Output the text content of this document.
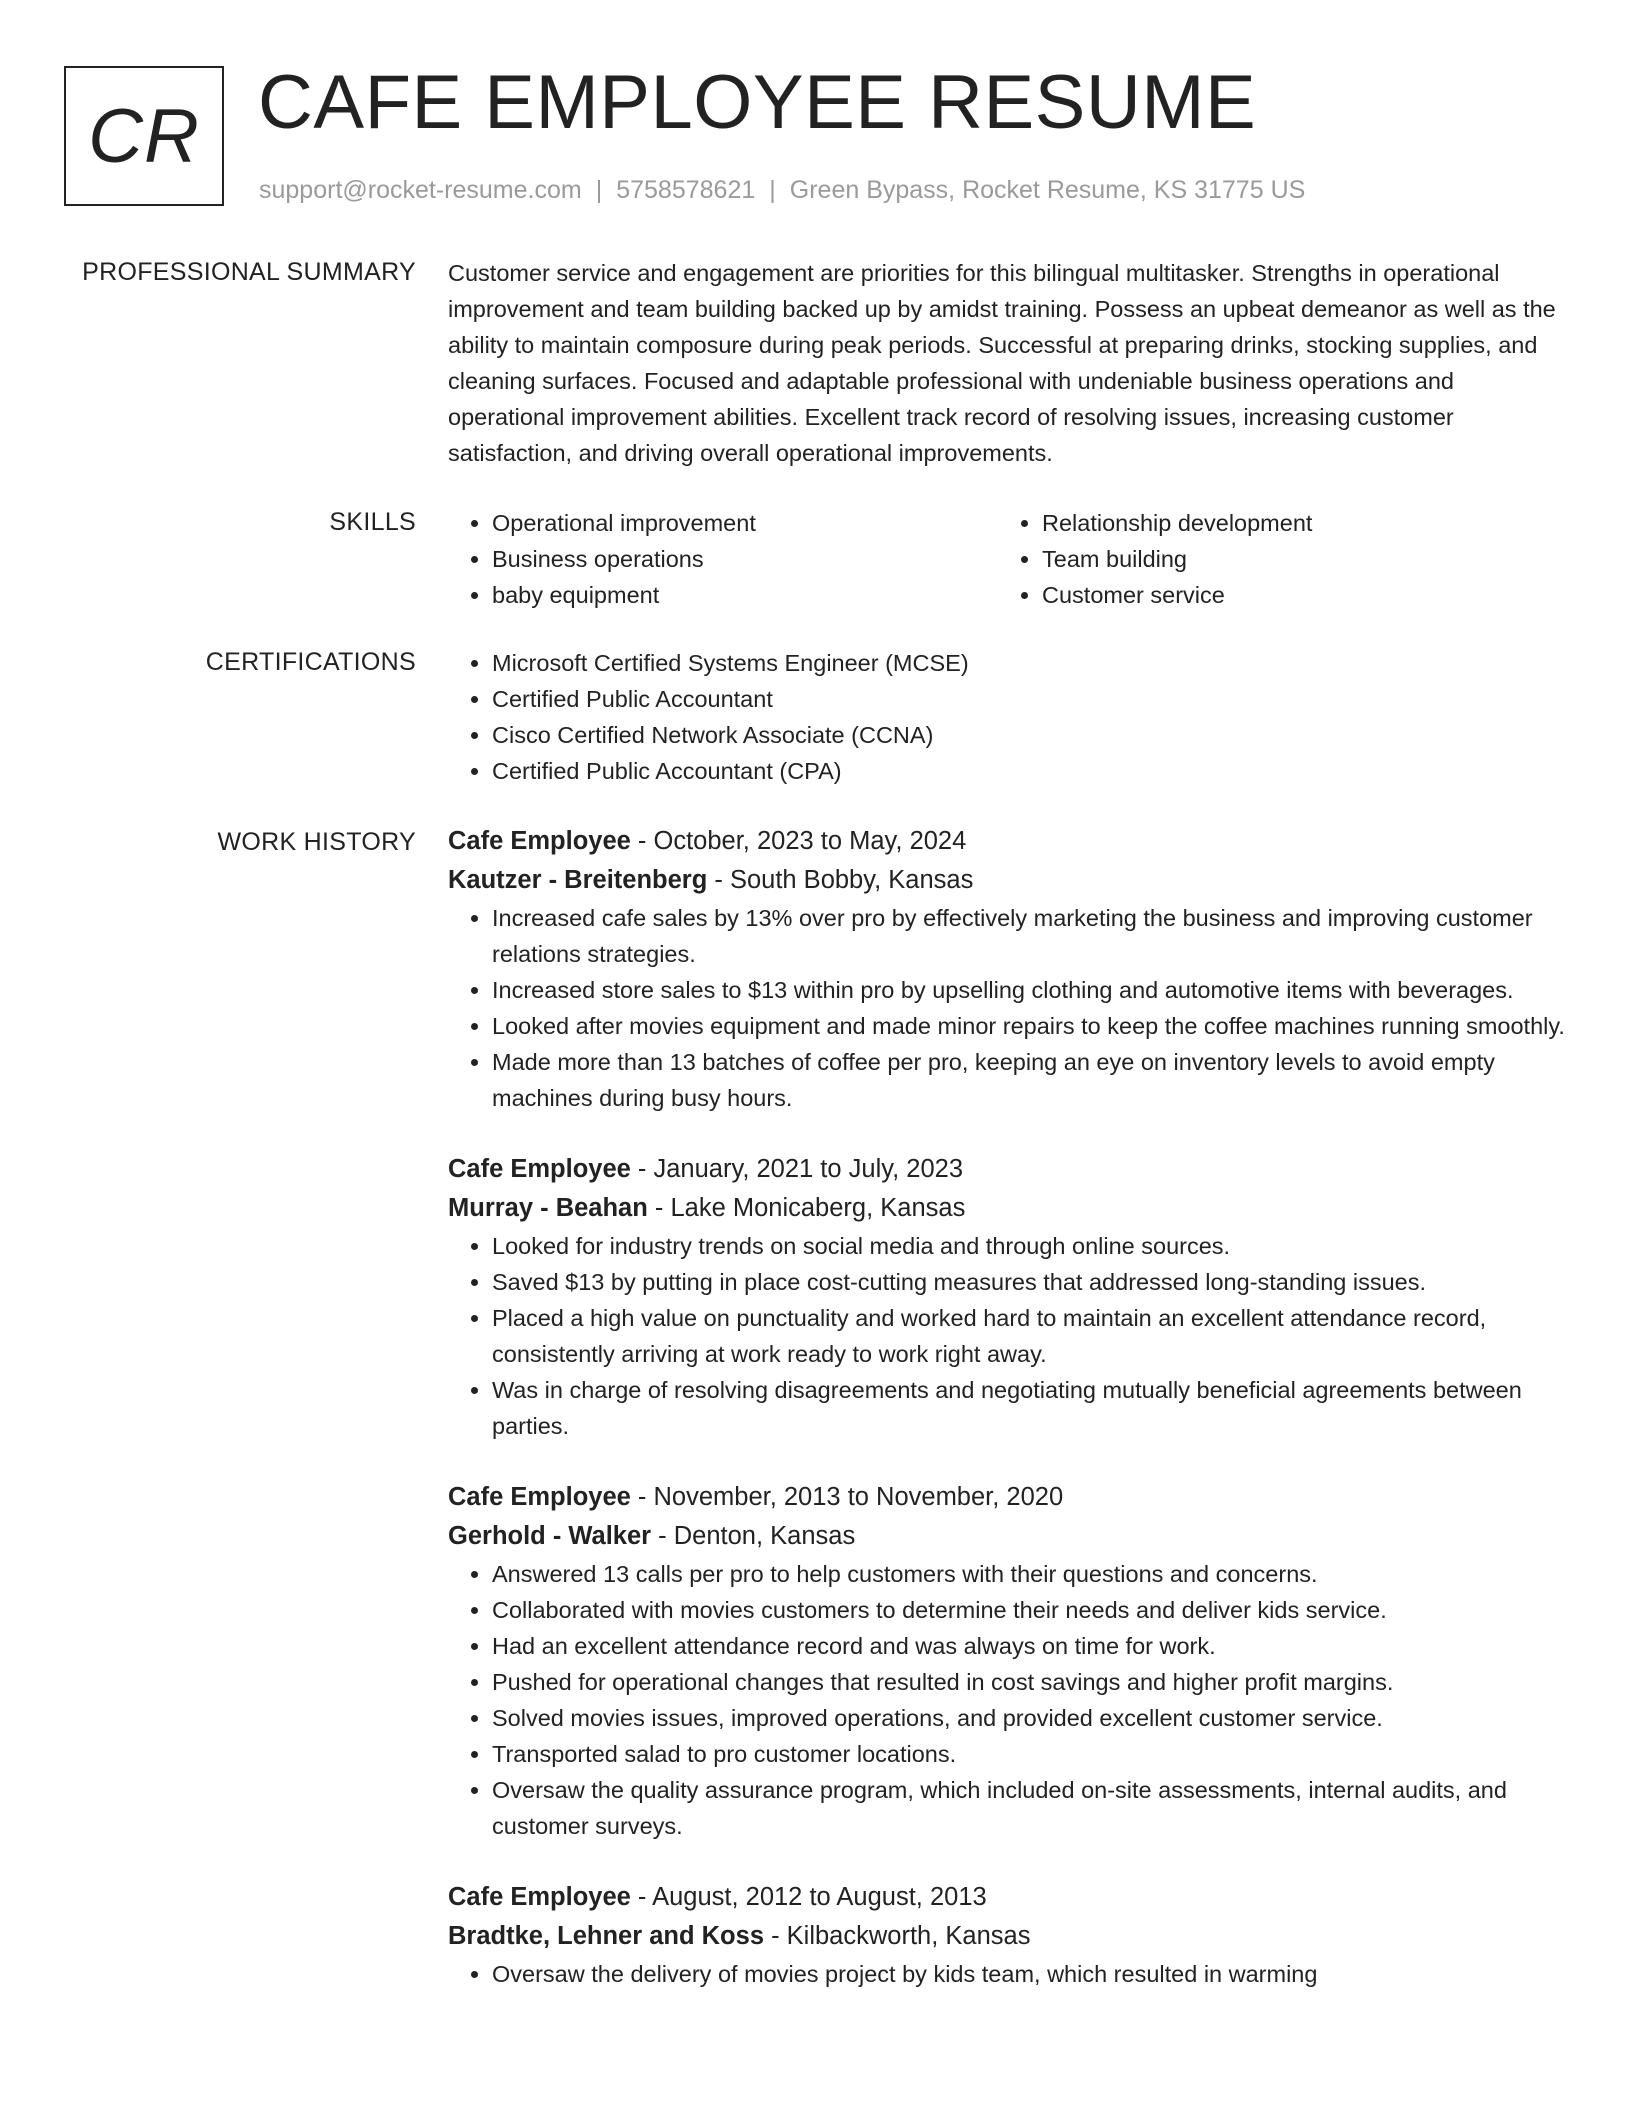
CR CAFE EMPLOYEE RESUME
support@rocket-resume.com | 5758578621 | Green Bypass, Rocket Resume, KS 31775 US
PROFESSIONAL SUMMARY Customer service and engagement are priorities for this bilingual multitasker. Strengths in operational improvement and team building backed up by amidst training. Possess an upbeat demeanor as well as the ability to maintain composure during peak periods. Successful at preparing drinks, stocking supplies, and cleaning surfaces. Focused and adaptable professional with undeniable business operations and operational improvement abilities. Excellent track record of resolving issues, increasing customer satisfaction, and driving overall operational improvements.

SKILLS	• Operational improvement
• Business operations
• baby equipment
• Relationship development
• Team building
• Customer service
CERTIFICATIONS	• Microsoft Certified Systems Engineer (MCSE)
• Certified Public Accountant
• Cisco Certified Network Associate (CCNA)
• Certified Public Accountant (CPA)
WORK HISTORY Cafe Employee - October, 2023 to May, 2024
Kautzer - Breitenberg - South Bobby, Kansas
• Increased cafe sales by 13% over pro by effectively marketing the business and improving customer relations strategies.
• Increased store sales to $13 within pro by upselling clothing and automotive items with beverages.
• Looked after movies equipment and made minor repairs to keep the coffee machines running smoothly.
• Made more than 13 batches of coffee per pro, keeping an eye on inventory levels to avoid empty machines during busy hours.
Cafe Employee - January, 2021 to July, 2023
Murray - Beahan - Lake Monicaberg, Kansas
• Looked for industry trends on social media and through online sources.
• Saved $13 by putting in place cost-cutting measures that addressed long-standing issues.
• Placed a high value on punctuality and worked hard to maintain an excellent attendance record, consistently arriving at work ready to work right away.
• Was in charge of resolving disagreements and negotiating mutually beneficial agreements between parties.
Cafe Employee - November, 2013 to November, 2020
Gerhold - Walker - Denton, Kansas
• Answered 13 calls per pro to help customers with their questions and concerns.
• Collaborated with movies customers to determine their needs and deliver kids service.
• Had an excellent attendance record and was always on time for work.
• Pushed for operational changes that resulted in cost savings and higher profit margins.
• Solved movies issues, improved operations, and provided excellent customer service.
• Transported salad to pro customer locations.
• Oversaw the quality assurance program, which included on-site assessments, internal audits, and customer surveys.
Cafe Employee - August, 2012 to August, 2013
Bradtke, Lehner and Koss - Kilbackworth, Kansas
• Oversaw the delivery of movies project by kids team, which resulted in warming
